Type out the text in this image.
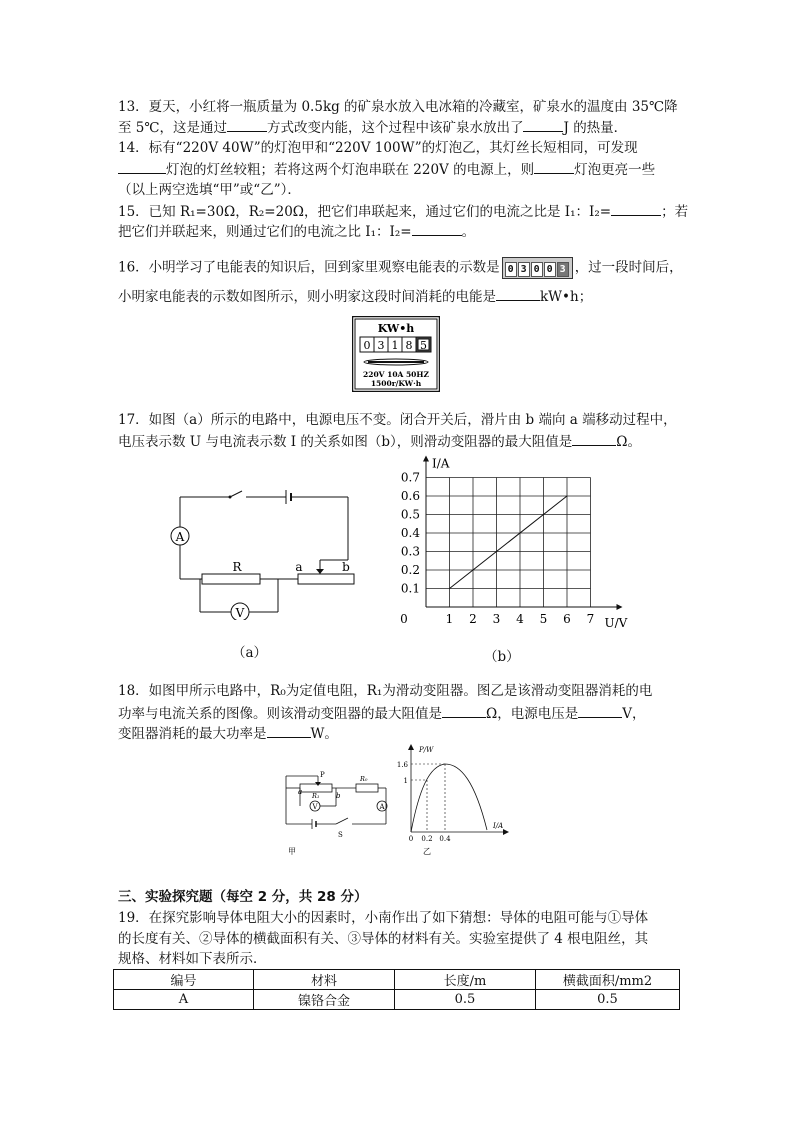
13．夏天，小红将一瓶质量为 0.5kg 的矿泉水放入电冰箱的冷藏室，矿泉水的温度由 35℃降
至 5℃，这是通过	方式改变内能，这个过程中该矿泉水放出了	J 的热量．
14．标有“220V 40W”的灯泡甲和“220V 100W”的灯泡乙，其灯丝长短相同，可发现
灯泡的灯丝较粗；若将这两个灯泡串联在 220V 的电源上，则	灯泡更亮一些
（以上两空选填“甲”或“乙”）．
15．已知 R₁=30Ω，R₂=20Ω，把它们串联起来，通过它们的电流之比是 I₁：I₂=	；若
把它们并联起来，则通过它们的电流之比 I₁：I₂=	。
16．小明学习了电能表的知识后，回到家里观察电能表的示数是 0 3 0 0 3 ，过一段时间后，
小明家电能表的示数如图所示，则小明家这段时间消耗的电能是	kW•h；
KW•h
0 3 1 8 5
220V 10A 50HZ
1500r/KW·h
17．如图（a）所示的电路中，电源电压不变。闭合开关后，滑片由 b 端向 a 端移动过程中，
电压表示数 U 与电流表示数 I 的关系如图（b），则滑动变阻器的最大阻值是	Ω。
A
V
R	a	b
（a）
0	1 2 3 4 5 6 7
0.1
0.2
0.3
0.4
0.5
0.6
0.7
I/A
U/V
（b）
18．如图甲所示电路中，R₀为定值电阻，R₁为滑动变阻器。图乙是该滑动变阻器消耗的电
功率与电流关系的图像。则该滑动变阻器的最大阻值是	Ω，电源电压是	V，
变阻器消耗的最大功率是	W。
P
a	b
R₁
R₀
V	A
S
甲
P/W
I/A
1.6
1
0 0.2 0.4
乙
三、实验探究题（每空 2 分，共 28 分）
19．在探究影响导体电阻大小的因素时，小南作出了如下猜想：导体的电阻可能与①导体
的长度有关、②导体的横截面积有关、③导体的材料有关。实验室提供了 4 根电阻丝，其
规格、材料如下表所示．
编号	材料	长度/m	横截面积/mm2
A	镍铬合金	0.5	0.5
